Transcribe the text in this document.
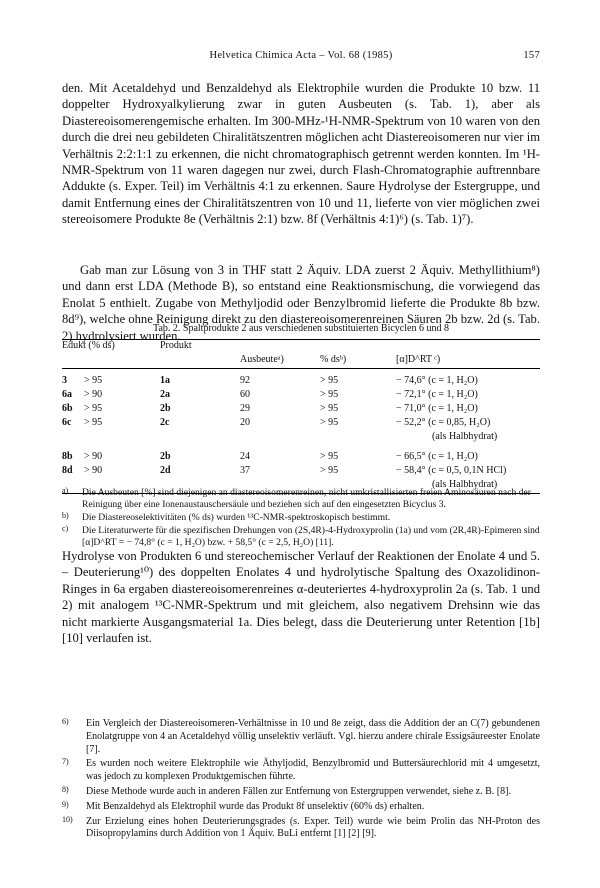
Helvetica Chimica Acta – Vol. 68 (1985)	157

den. Mit Acetaldehyd und Benzaldehyd als Elektrophile wurden die Produkte 10 bzw. 11 doppelter Hydroxyalkylierung zwar in guten Ausbeuten (s. Tab. 1), aber als Diastereoisomerengemische erhalten. Im 300-MHz-¹H-NMR-Spektrum von 10 waren von den durch die drei neu gebildeten Chiralitätszentren möglichen acht Diastereoisomeren nur vier im Verhältnis 2:2:1:1 zu erkennen, die nicht chromatographisch getrennt werden konnten. Im ¹H-NMR-Spektrum von 11 waren dagegen nur zwei, durch Flash-Chromatographie auftrennbare Addukte (s. Exper. Teil) im Verhältnis 4:1 zu erkennen. Saure Hydrolyse der Estergruppe, und damit Entfernung eines der Chiralitätszentren von 10 und 11, lieferte von vier möglichen zwei stereoisomere Produkte 8e (Verhältnis 2:1) bzw. 8f (Verhältnis 4:1)⁶) (s. Tab. 1)⁷).

Gab man zur Lösung von 3 in THF statt 2 Äquiv. LDA zuerst 2 Äquiv. Methyllithium⁸) und dann erst LDA (Methode B), so entstand eine Reaktionsmischung, die vorwiegend das Enolat 5 enthielt. Zugabe von Methyljodid oder Benzylbromid lieferte die Produkte 8b bzw. 8d⁹), welche ohne Reinigung direkt zu den diastereoisomerenreinen Säuren 2b bzw. 2d (s. Tab. 2) hydrolysiert wurden.

Tab. 2. Spaltprodukte 2 aus verschiedenen substituierten Bicyclen 6 und 8
Edukt (% ds)		Produkt			
			Ausbeuteᵃ)	% dsᵇ)	[α]D^RT ᶜ)

3	> 95	1a	92	> 95	− 74,6° (c = 1, H₂O)
6a	> 90	2a	60	> 95	− 72,1° (c = 1, H₂O)
6b	> 95	2b	29	> 95	− 71,0° (c = 1, H₂O)
6c	> 95	2c	20	> 95	− 52,2° (c = 0,85, H₂O)
					(als Halbhydrat)

8b	> 90	2b	24	> 95	− 66,5° (c = 1, H₂O)
8d	> 90	2d	37	> 95	− 58,4° (c = 0,5, 0,1N HCl)
					(als Halbhydrat)
a) Die Ausbeuten [%] sind diejenigen an diastereoisomerenreinen, nicht umkristallisierten freien Aminosäuren nach der Reinigung über eine Ionenaustauschersäule und beziehen sich auf den eingesetzten Bicyclus 3.
b) Die Diastereoselektivitäten (% ds) wurden ¹³C-NMR-spektroskopisch bestimmt.
c) Die Literaturwerte für die spezifischen Drehungen von (2S,4R)-4-Hydroxyprolin (1a) und vom (2R,4R)-Epimeren sind [α]D^RT = − 74,8° (c = 1, H₂O) bzw. + 58,5° (c = 2,5, H₂O) [11].

Hydrolyse von Produkten 6 und stereochemischer Verlauf der Reaktionen der Enolate 4 und 5. – Deuterierung¹⁰) des doppelten Enolates 4 und hydrolytische Spaltung des Oxazolidinon-Ringes in 6a ergaben diastereoisomerenreines α-deuteriertes 4-hydroxyprolin 2a (s. Tab. 1 und 2) mit analogem ¹³C-NMR-Spektrum und mit gleichem, also negativem Drehsinn wie das nicht markierte Ausgangsmaterial 1a. Dies belegt, dass die Deuterierung unter Retention [1b] [10] verlaufen ist.

6) Ein Vergleich der Diastereoisomeren-Verhältnisse in 10 und 8e zeigt, dass die Addition der an C(7) gebundenen Enolatgruppe von 4 an Acetaldehyd völlig unselektiv verläuft. Vgl. hierzu andere chirale Essigsäureester Enolate [7].
7) Es wurden noch weitere Elektrophile wie Äthyljodid, Benzylbromid und Buttersäurechlorid mit 4 umgesetzt, was jedoch zu komplexen Produktgemischen führte.
8) Diese Methode wurde auch in anderen Fällen zur Entfernung von Estergruppen verwendet, siehe z. B. [8].
9) Mit Benzaldehyd als Elektrophil wurde das Produkt 8f unselektiv (60% ds) erhalten.
10) Zur Erzielung eines hohen Deuterierungsgrades (s. Exper. Teil) wurde wie beim Prolin das NH-Proton des Diisopropylamins durch Addition von 1 Äquiv. BuLi entfernt [1] [2] [9].
